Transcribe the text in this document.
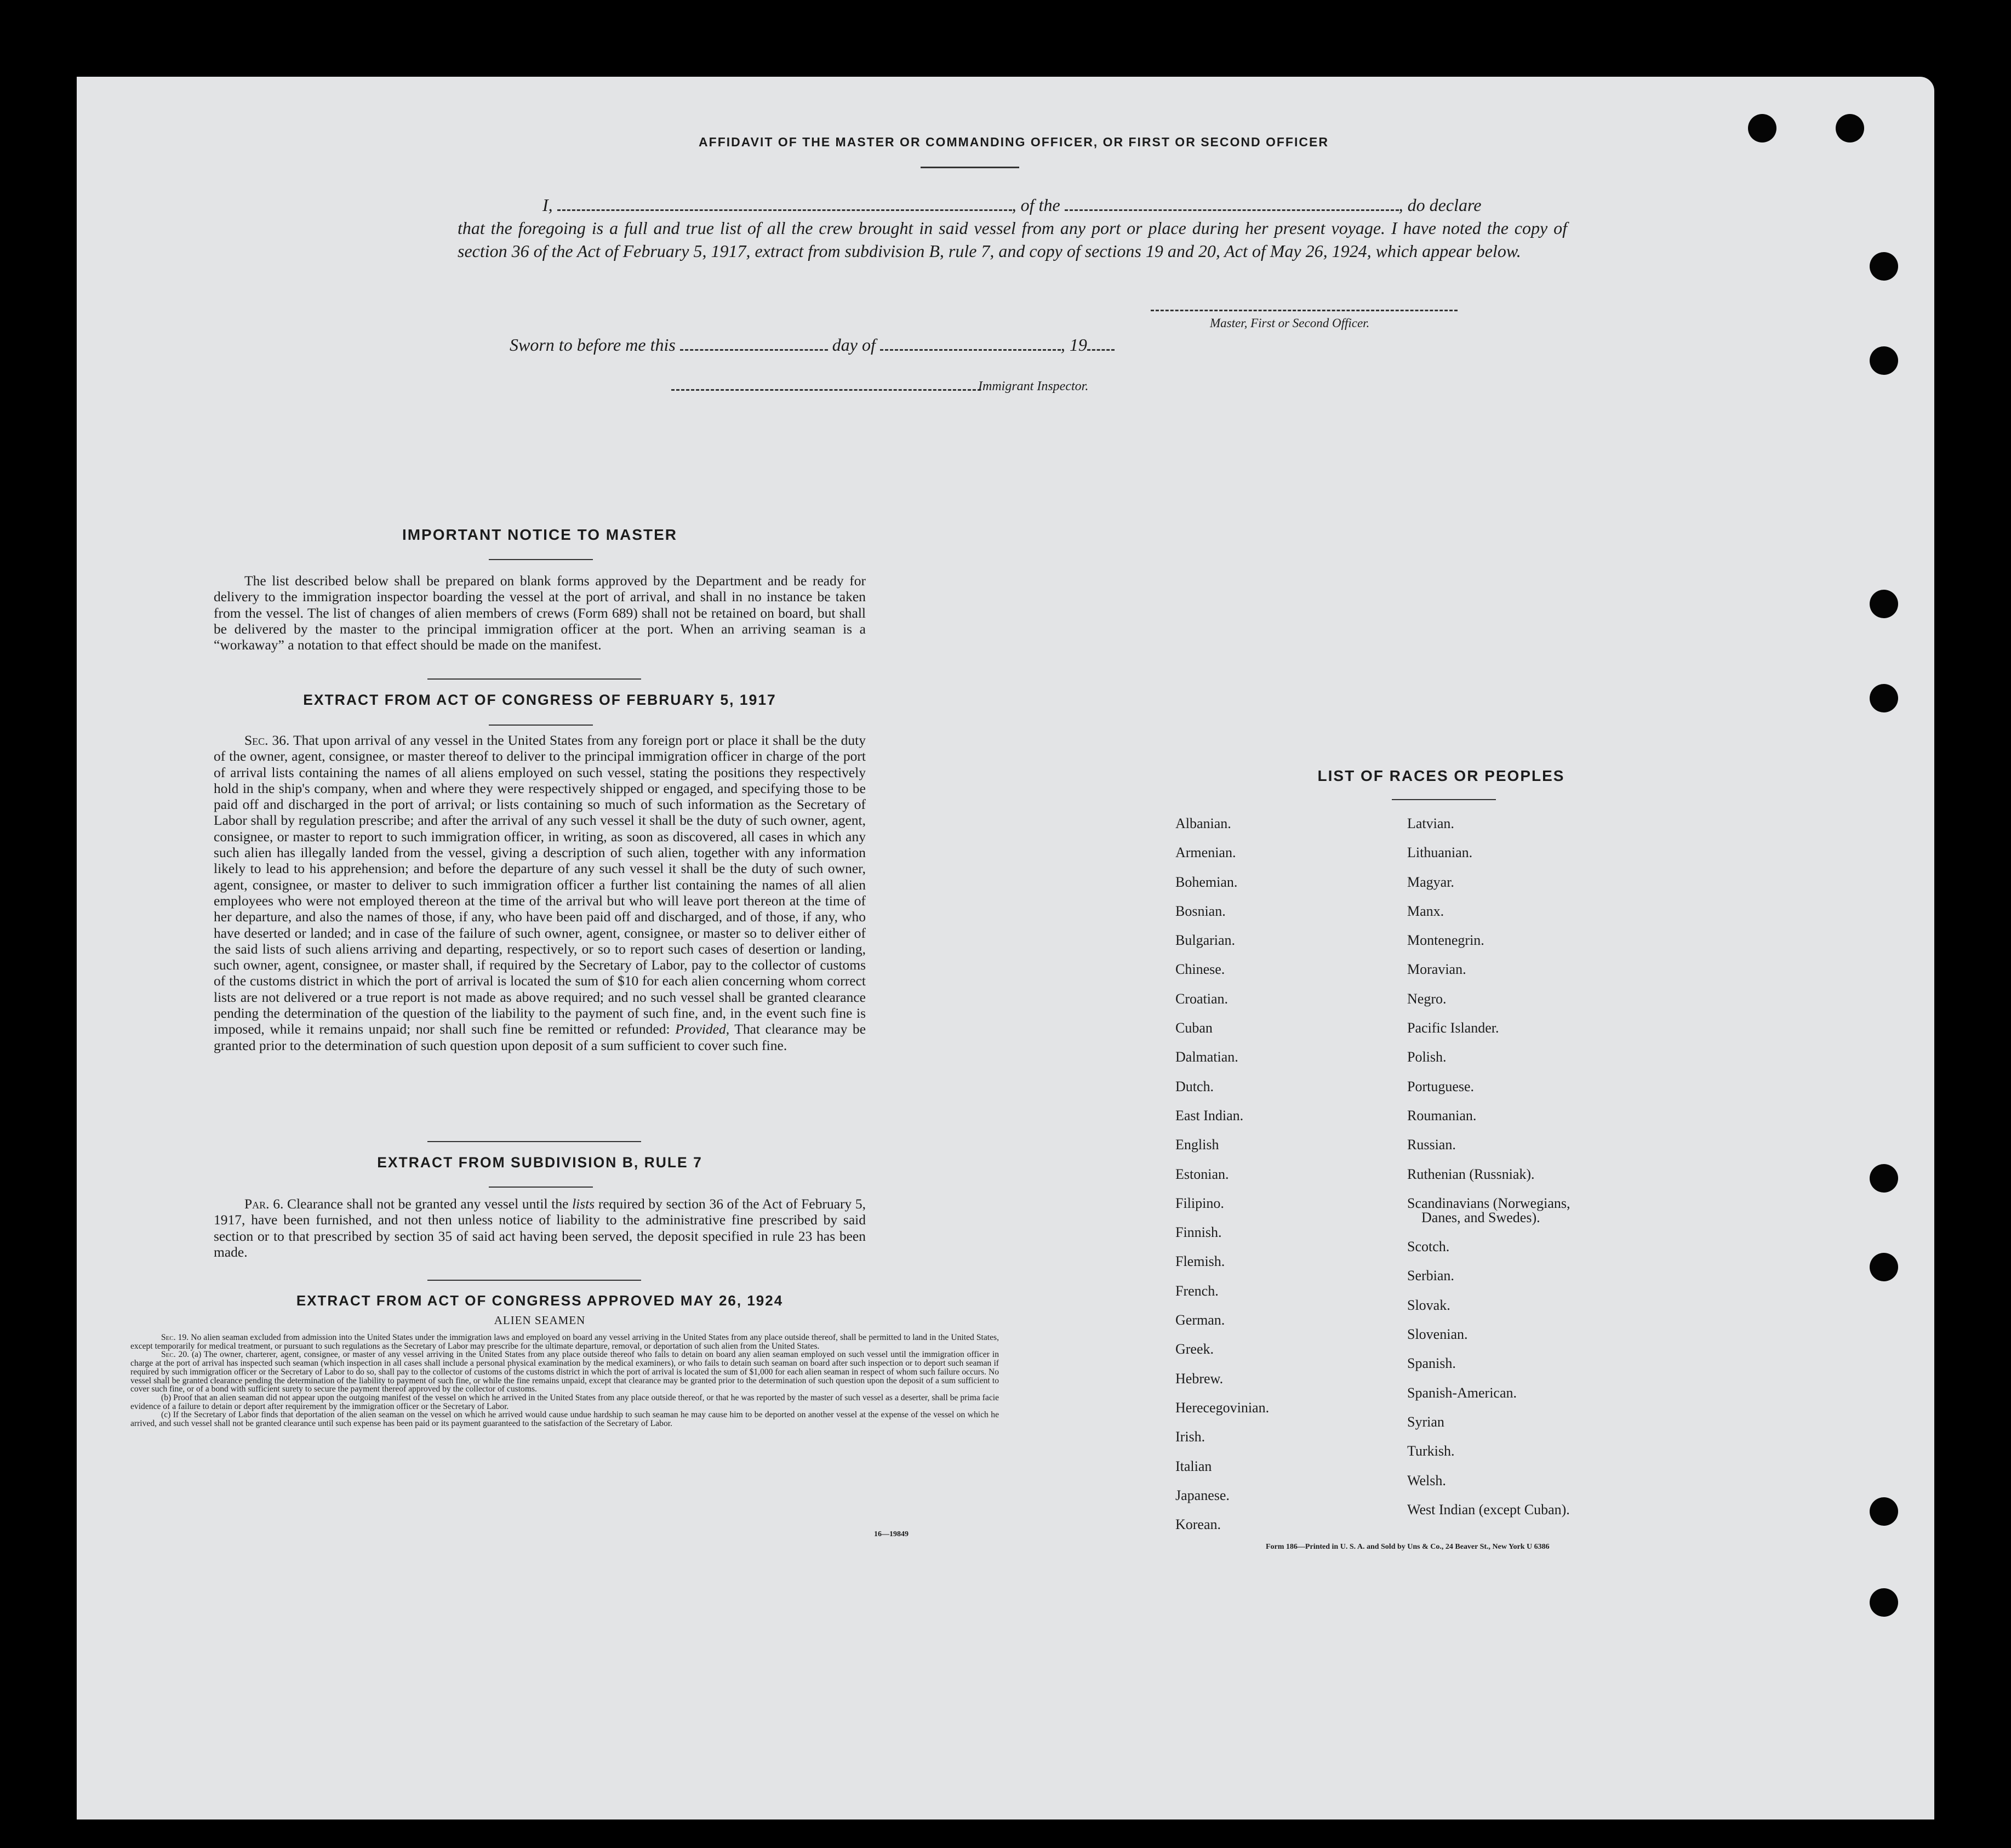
AFFIDAVIT OF THE MASTER OR COMMANDING OFFICER, OR FIRST OR SECOND OFFICER
I,	, of the	, do declare
that the foregoing is a full and true list of all the crew brought in said vessel from any port or place during her present voyage. I have noted the copy of section 36 of the Act of February 5, 1917, extract from subdivision B, rule 7, and copy of sections 19 and 20, Act of May 26, 1924, which appear below.
Master, First or Second Officer.
Sworn to before me this	day of	, 19
Immigrant Inspector.
IMPORTANT NOTICE TO MASTER
The list described below shall be prepared on blank forms approved by the Department and be ready for delivery to the immigration inspector boarding the vessel at the port of arrival, and shall in no instance be taken from the vessel. The list of changes of alien members of crews (Form 689) shall not be retained on board, but shall be delivered by the master to the principal immigration officer at the port. When an arriving seaman is a “workaway” a notation to that effect should be made on the manifest.
EXTRACT FROM ACT OF CONGRESS OF FEBRUARY 5, 1917
Sec. 36. That upon arrival of any vessel in the United States from any foreign port or place it shall be the duty of the owner, agent, consignee, or master thereof to deliver to the principal immigration officer in charge of the port of arrival lists containing the names of all aliens employed on such vessel, stating the positions they respectively hold in the ship's company, when and where they were respectively shipped or engaged, and specifying those to be paid off and discharged in the port of arrival; or lists containing so much of such information as the Secretary of Labor shall by regulation prescribe; and after the arrival of any such vessel it shall be the duty of such owner, agent, consignee, or master to report to such immigration officer, in writing, as soon as discovered, all cases in which any such alien has illegally landed from the vessel, giving a description of such alien, together with any information likely to lead to his apprehension; and before the departure of any such vessel it shall be the duty of such owner, agent, consignee, or master to deliver to such immigration officer a further list containing the names of all alien employees who were not employed thereon at the time of the arrival but who will leave port thereon at the time of her departure, and also the names of those, if any, who have been paid off and discharged, and of those, if any, who have deserted or landed; and in case of the failure of such owner, agent, consignee, or master so to deliver either of the said lists of such aliens arriving and departing, respectively, or so to report such cases of desertion or landing, such owner, agent, consignee, or master shall, if required by the Secretary of Labor, pay to the collector of customs of the customs district in which the port of arrival is located the sum of $10 for each alien concerning whom correct lists are not delivered or a true report is not made as above required; and no such vessel shall be granted clearance pending the determination of the question of the liability to the payment of such fine, and, in the event such fine is imposed, while it remains unpaid; nor shall such fine be remitted or refunded: Provided, That clearance may be granted prior to the determination of such question upon deposit of a sum sufficient to cover such fine.
EXTRACT FROM SUBDIVISION B, RULE 7
Par. 6. Clearance shall not be granted any vessel until the lists required by section 36 of the Act of February 5, 1917, have been furnished, and not then unless notice of liability to the administrative fine prescribed by said section or to that prescribed by section 35 of said act having been served, the deposit specified in rule 23 has been made.
EXTRACT FROM ACT OF CONGRESS APPROVED MAY 26, 1924
ALIEN SEAMEN
Sec. 19. No alien seaman excluded from admission into the United States under the immigration laws and employed on board any vessel arriving in the United States from any place outside thereof, shall be permitted to land in the United States, except temporarily for medical treatment, or pursuant to such regulations as the Secretary of Labor may prescribe for the ultimate departure, removal, or deportation of such alien from the United States.
Sec. 20. (a) The owner, charterer, agent, consignee, or master of any vessel arriving in the United States from any place outside thereof who fails to detain on board any alien seaman employed on such vessel until the immigration officer in charge at the port of arrival has inspected such seaman (which inspection in all cases shall include a personal physical examination by the medical examiners), or who fails to detain such seaman on board after such inspection or to deport such seaman if required by such immigration officer or the Secretary of Labor to do so, shall pay to the collector of customs of the customs district in which the port of arrival is located the sum of $1,000 for each alien seaman in respect of whom such failure occurs. No vessel shall be granted clearance pending the determination of the liability to payment of such fine, or while the fine remains unpaid, except that clearance may be granted prior to the determination of such question upon the deposit of a sum sufficient to cover such fine, or of a bond with sufficient surety to secure the payment thereof approved by the collector of customs.
(b) Proof that an alien seaman did not appear upon the outgoing manifest of the vessel on which he arrived in the United States from any place outside thereof, or that he was reported by the master of such vessel as a deserter, shall be prima facie evidence of a failure to detain or deport after requirement by the immigration officer or the Secretary of Labor.
(c) If the Secretary of Labor finds that deportation of the alien seaman on the vessel on which he arrived would cause undue hardship to such seaman he may cause him to be deported on another vessel at the expense of the vessel on which he arrived, and such vessel shall not be granted clearance until such expense has been paid or its payment guaranteed to the satisfaction of the Secretary of Labor.
16—19849
LIST OF RACES OR PEOPLES
Albanian.
Armenian.
Bohemian.
Bosnian.
Bulgarian.
Chinese.
Croatian.
Cuban
Dalmatian.
Dutch.
East Indian.
English
Estonian.
Filipino.
Finnish.
Flemish.
French.
German.
Greek.
Hebrew.
Herecegovinian.
Irish.
Italian
Japanese.
Korean.
Latvian.
Lithuanian.
Magyar.
Manx.
Montenegrin.
Moravian.
Negro.
Pacific Islander.
Polish.
Portuguese.
Roumanian.
Russian.
Ruthenian (Russniak).
Scandinavians (Norwegians,
Danes, and Swedes).
Scotch.
Serbian.
Slovak.
Slovenian.
Spanish.
Spanish-American.
Syrian
Turkish.
Welsh.
West Indian (except Cuban).
Form 186—Printed in U. S. A. and Sold by Uns & Co., 24 Beaver St., New York U 6386
